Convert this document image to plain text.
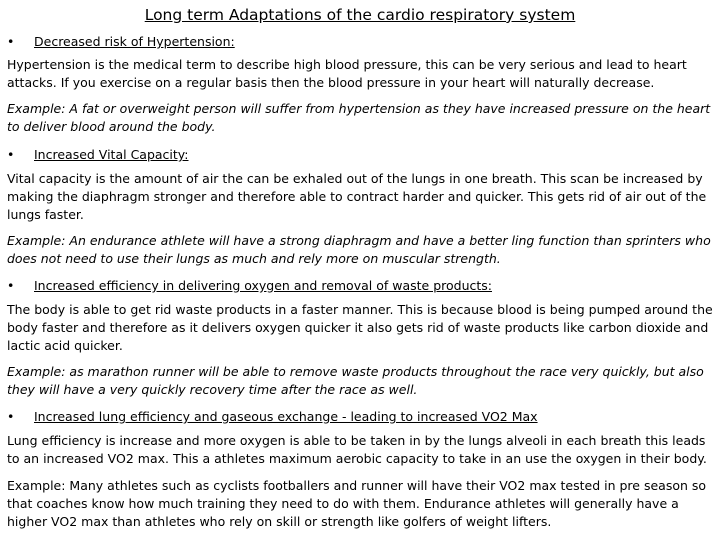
Long term Adaptations of the cardio respiratory system
• Decreased risk of Hypertension:

Hypertension is the medical term to describe high blood pressure, this can be very serious and lead to heart attacks. If you exercise on a regular basis then the blood pressure in your heart will naturally decrease.

Example: A fat or overweight person will suffer from hypertension as they have increased pressure on the heart to deliver blood around the body.

• Increased Vital Capacity:

Vital capacity is the amount of air the can be exhaled out of the lungs in one breath. This scan be increased by making the diaphragm stronger and therefore able to contract harder and quicker. This gets rid of air out of the lungs faster.

Example: An endurance athlete will have a strong diaphragm and have a better ling function than sprinters who does not need to use their lungs as much and rely more on muscular strength.

• Increased efficiency in delivering oxygen and removal of waste products:

The body is able to get rid waste products in a faster manner. This is because blood is being pumped around the body faster and therefore as it delivers oxygen quicker it also gets rid of waste products like carbon dioxide and lactic acid quicker.

Example: as marathon runner will be able to remove waste products throughout the race very quickly, but also they will have a very quickly recovery time after the race as well.

• Increased lung efficiency and gaseous exchange - leading to increased VO2 Max

Lung efficiency is increase and more oxygen is able to be taken in by the lungs alveoli in each breath this leads to an increased VO2 max. This a athletes maximum aerobic capacity to take in an use the oxygen in their body.

Example: Many athletes such as cyclists footballers and runner will have their VO2 max tested in pre season so that coaches know how much training they need to do with them. Endurance athletes will generally have a higher VO2 max than athletes who rely on skill or strength like golfers of weight lifters.
